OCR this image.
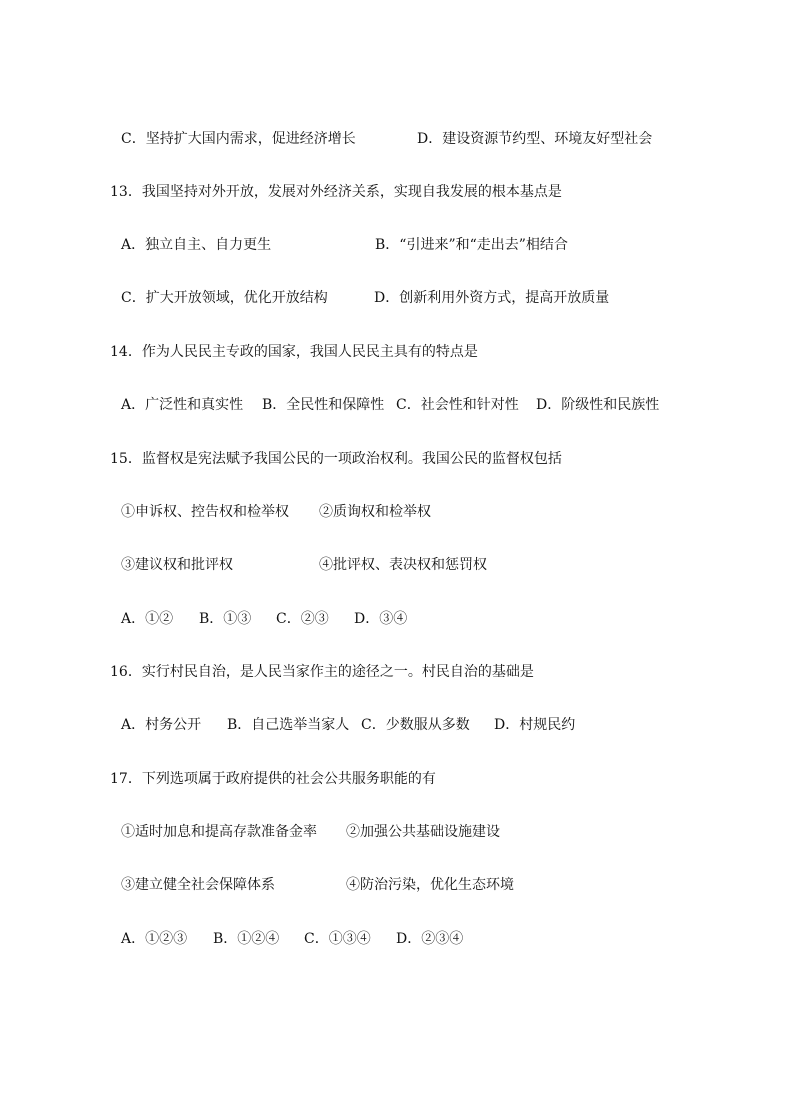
C．坚持扩大国内需求，促进经济增长	D．建设资源节约型、环境友好型社会
13．我国坚持对外开放，发展对外经济关系，实现自我发展的根本基点是
A．独立自主、自力更生	B．“引进来”和“走出去”相结合
C．扩大开放领域，优化开放结构	D．创新利用外资方式，提高开放质量
14．作为人民民主专政的国家，我国人民民主具有的特点是
A．广泛性和真实性 B．全民性和保障性 C．社会性和针对性 D．阶级性和民族性
15．监督权是宪法赋予我国公民的一项政治权利。我国公民的监督权包括
①申诉权、控告权和检举权 ②质询权和检举权
③建议权和批评权	④批评权、表决权和惩罚权
A．①② B．①③ C．②③ D．③④
16．实行村民自治，是人民当家作主的途径之一。村民自治的基础是
A．村务公开 B．自己选举当家人 C．少数服从多数 D．村规民约
17．下列选项属于政府提供的社会公共服务职能的有
①适时加息和提高存款准备金率 ②加强公共基础设施建设
③建立健全社会保障体系	④防治污染，优化生态环境
A．①②③ B．①②④ C．①③④ D．②③④
